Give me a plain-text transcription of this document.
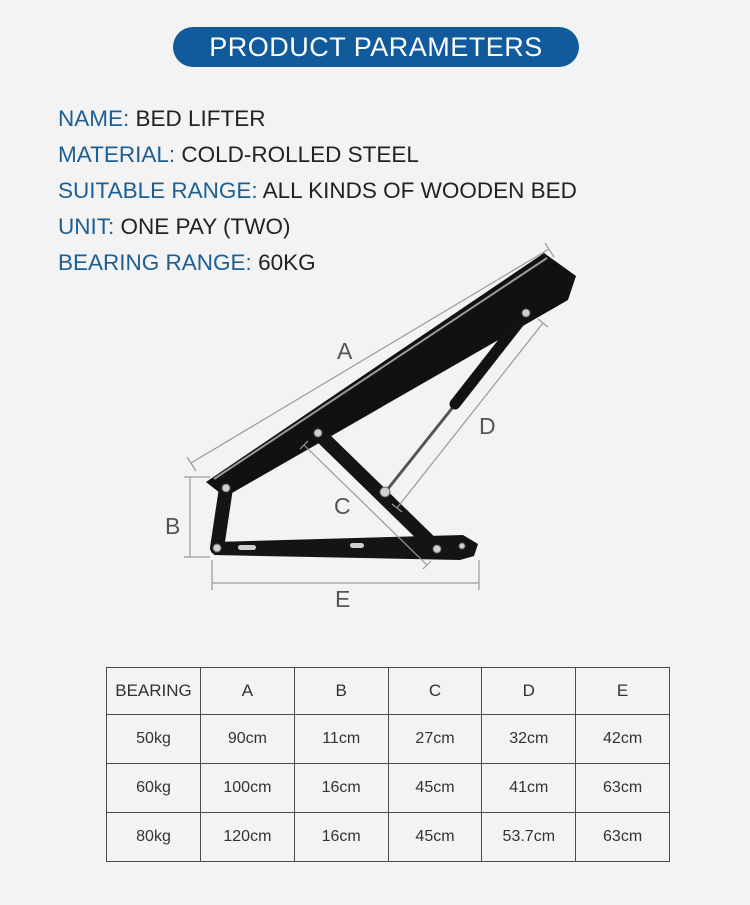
PRODUCT PARAMETERS
NAME: BED LIFTER
MATERIAL: COLD-ROLLED STEEL
SUITABLE RANGE: ALL KINDS OF WOODEN BED
UNIT: ONE PAY (TWO)
BEARING RANGE: 60KG
A
B
C
D
E
BEARING	A	B	C	D	E
50kg	90cm	11cm	27cm	32cm	42cm
60kg	100cm	16cm	45cm	41cm	63cm
80kg	120cm	16cm	45cm	53.7cm	63cm
